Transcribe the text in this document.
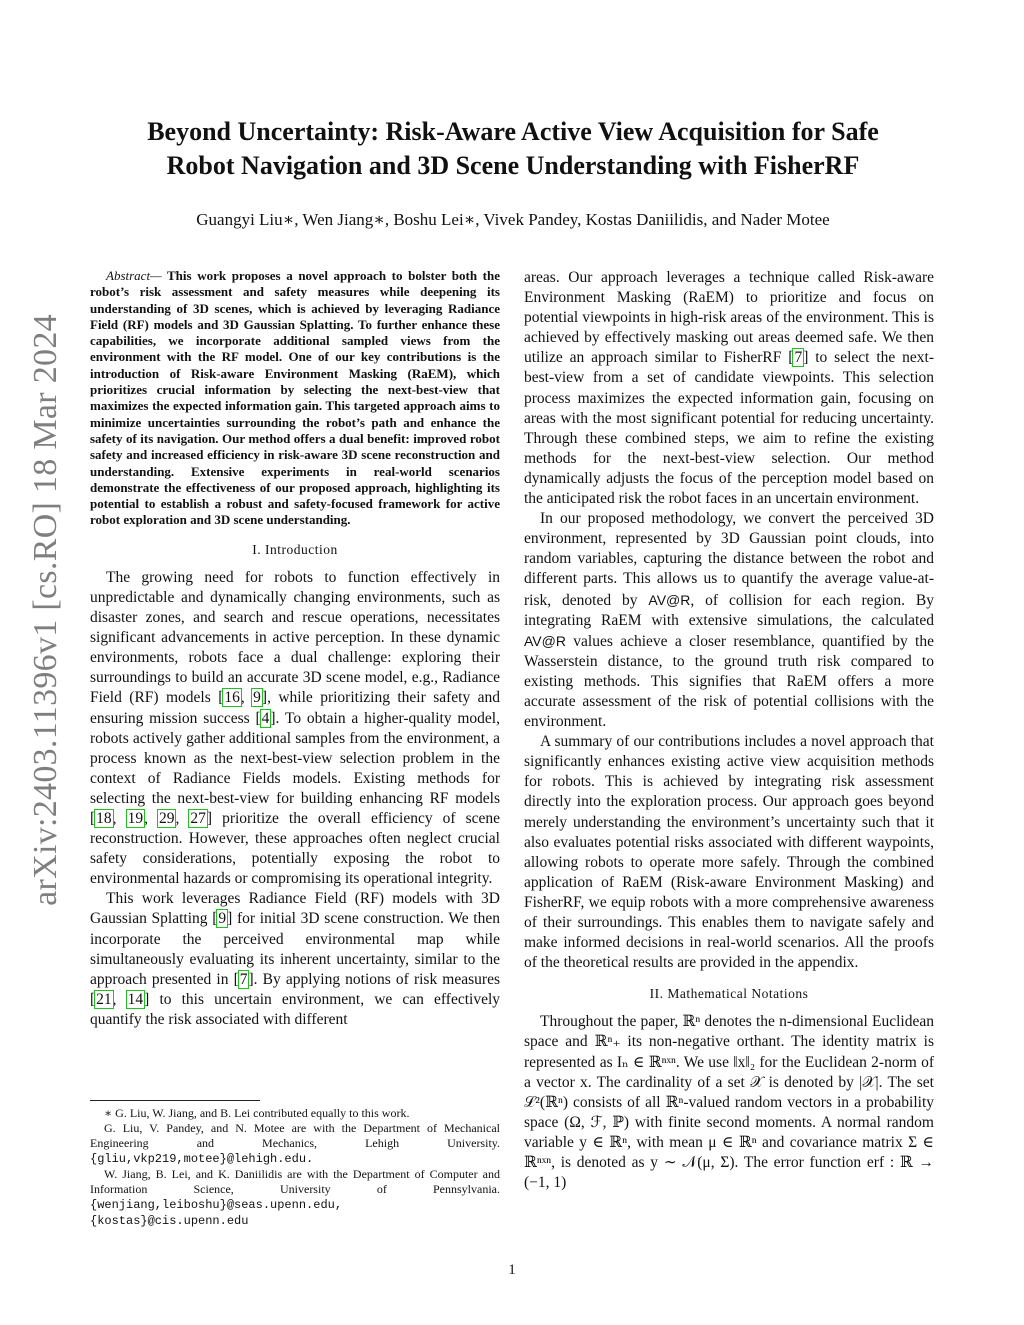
arXiv:2403.11396v1 [cs.RO] 18 Mar 2024
Beyond Uncertainty: Risk-Aware Active View Acquisition for Safe
Robot Navigation and 3D Scene Understanding with FisherRF
Guangyi Liu∗, Wen Jiang∗, Boshu Lei∗, Vivek Pandey, Kostas Daniilidis, and Nader Motee

Abstract— This work proposes a novel approach to bolster both the robot’s risk assessment and safety measures while deepening its understanding of 3D scenes, which is achieved by leveraging Radiance Field (RF) models and 3D Gaussian Splatting. To further enhance these capabilities, we incorporate additional sampled views from the environment with the RF model. One of our key contributions is the introduction of Risk-aware Environment Masking (RaEM), which prioritizes crucial information by selecting the next-best-view that maximizes the expected information gain. This targeted approach aims to minimize uncertainties surrounding the robot’s path and enhance the safety of its navigation. Our method offers a dual benefit: improved robot safety and increased efficiency in risk-aware 3D scene reconstruction and understanding. Extensive experiments in real-world scenarios demonstrate the effectiveness of our proposed approach, highlighting its potential to establish a robust and safety-focused framework for active robot exploration and 3D scene understanding.

I. Introduction

The growing need for robots to function effectively in unpredictable and dynamically changing environments, such as disaster zones, and search and rescue operations, necessitates significant advancements in active perception. In these dynamic environments, robots face a dual challenge: exploring their surroundings to build an accurate 3D scene model, e.g., Radiance Field (RF) models [16, 9], while prioritizing their safety and ensuring mission success [4]. To obtain a higher-quality model, robots actively gather additional samples from the environment, a process known as the next-best-view selection problem in the context of Radiance Fields models. Existing methods for selecting the next-best-view for building enhancing RF models [18, 19, 29, 27] prioritize the overall efficiency of scene reconstruction. However, these approaches often neglect crucial safety considerations, potentially exposing the robot to environmental hazards or compromising its operational integrity.

This work leverages Radiance Field (RF) models with 3D Gaussian Splatting [9] for initial 3D scene construction. We then incorporate the perceived environmental map while simultaneously evaluating its inherent uncertainty, similar to the approach presented in [7]. By applying notions of risk measures [21, 14] to this uncertain environment, we can effectively quantify the risk associated with different

∗ G. Liu, W. Jiang, and B. Lei contributed equally to this work.

G. Liu, V. Pandey, and N. Motee are with the Department of Mechanical Engineering and Mechanics, Lehigh University. {gliu,vkp219,motee}@lehigh.edu.

W. Jiang, B. Lei, and K. Daniilidis are with the Department of Computer and Information Science, University of Pennsylvania. {wenjiang,leiboshu}@seas.upenn.edu, {kostas}@cis.upenn.edu

areas. Our approach leverages a technique called Risk-aware Environment Masking (RaEM) to prioritize and focus on potential viewpoints in high-risk areas of the environment. This is achieved by effectively masking out areas deemed safe. We then utilize an approach similar to FisherRF [7] to select the next-best-view from a set of candidate viewpoints. This selection process maximizes the expected information gain, focusing on areas with the most significant potential for reducing uncertainty. Through these combined steps, we aim to refine the existing methods for the next-best-view selection. Our method dynamically adjusts the focus of the perception model based on the anticipated risk the robot faces in an uncertain environment.

In our proposed methodology, we convert the perceived 3D environment, represented by 3D Gaussian point clouds, into random variables, capturing the distance between the robot and different parts. This allows us to quantify the average value-at-risk, denoted by AV@R, of collision for each region. By integrating RaEM with extensive simulations, the calculated AV@R values achieve a closer resemblance, quantified by the Wasserstein distance, to the ground truth risk compared to existing methods. This signifies that RaEM offers a more accurate assessment of the risk of potential collisions with the environment.

A summary of our contributions includes a novel approach that significantly enhances existing active view acquisition methods for robots. This is achieved by integrating risk assessment directly into the exploration process. Our approach goes beyond merely understanding the environment’s uncertainty such that it also evaluates potential risks associated with different waypoints, allowing robots to operate more safely. Through the combined application of RaEM (Risk-aware Environment Masking) and FisherRF, we equip robots with a more comprehensive awareness of their surroundings. This enables them to navigate safely and make informed decisions in real-world scenarios. All the proofs of the theoretical results are provided in the appendix.

II. Mathematical Notations

Throughout the paper, ℝⁿ denotes the n-dimensional Euclidean space and ℝⁿ₊ its non-negative orthant. The identity matrix is represented as Iₙ ∈ ℝⁿˣⁿ. We use ‖x‖₂ for the Euclidean 2-norm of a vector x. The cardinality of a set 𝒳 is denoted by |𝒳|. The set ℒ²(ℝⁿ) consists of all ℝⁿ-valued random vectors in a probability space (Ω, ℱ, ℙ) with finite second moments. A normal random variable y ∈ ℝⁿ, with mean μ ∈ ℝⁿ and covariance matrix Σ ∈ ℝⁿˣⁿ, is denoted as y ∼ 𝒩(μ, Σ). The error function erf : ℝ → (−1, 1)

1
